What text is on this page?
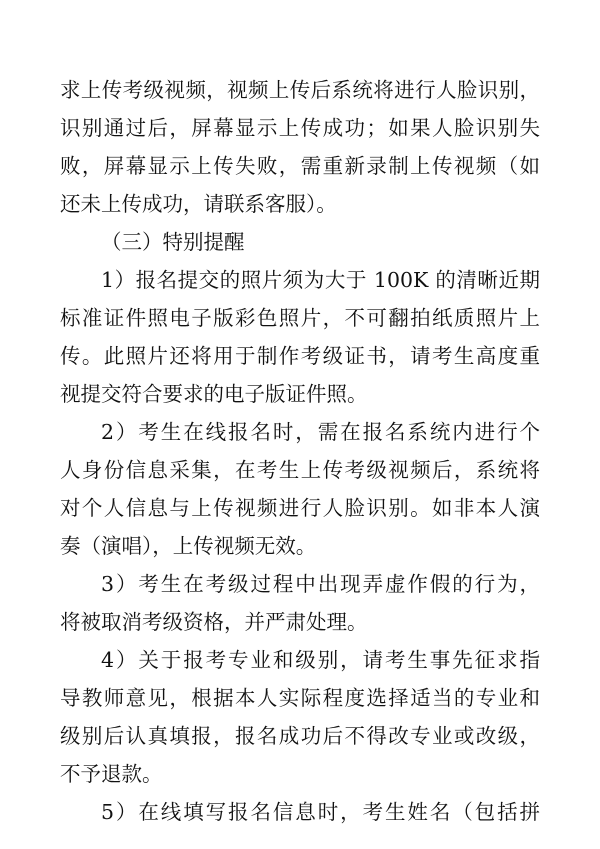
求上传考级视频，视频上传后系统将进行人脸识别，
识别通过后，屏幕显示上传成功；如果人脸识别失
败，屏幕显示上传失败，需重新录制上传视频（如
还未上传成功，请联系客服）。
（三）特别提醒
1）报名提交的照片须为大于 100K 的清晰近期
标准证件照电子版彩色照片，不可翻拍纸质照片上
传。此照片还将用于制作考级证书，请考生高度重
视提交符合要求的电子版证件照。
2）考生在线报名时，需在报名系统内进行个
人身份信息采集，在考生上传考级视频后，系统将
对个人信息与上传视频进行人脸识别。如非本人演
奏（演唱），上传视频无效。
3）考生在考级过程中出现弄虚作假的行为，
将被取消考级资格，并严肃处理。
4）关于报考专业和级别，请考生事先征求指
导教师意见，根据本人实际程度选择适当的专业和
级别后认真填报，报名成功后不得改专业或改级，
不予退款。
5）在线填写报名信息时，考生姓名（包括拼
